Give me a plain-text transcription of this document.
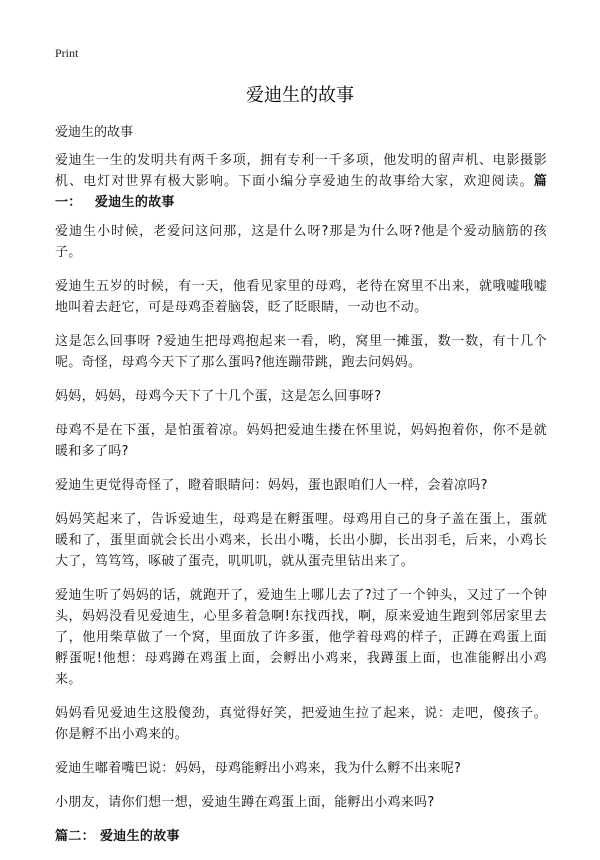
Print
爱迪生的故事

爱迪生的故事

爱迪生一生的发明共有两千多项，拥有专利一千多项，他发明的留声机、电影摄影机、电灯对世界有极大影响。下面小编分享爱迪生的故事给大家，欢迎阅读。篇一： 爱迪生的故事

爱迪生小时候，老爱问这问那，这是什么呀?那是为什么呀?他是个爱动脑筋的孩子。

爱迪生五岁的时候，有一天，他看见家里的母鸡，老待在窝里不出来，就哦嘘哦嘘地叫着去赶它，可是母鸡歪着脑袋，眨了眨眼睛，一动也不动。

这是怎么回事呀 ?爱迪生把母鸡抱起来一看，哟，窝里一摊蛋，数一数，有十几个呢。奇怪，母鸡今天下了那么蛋吗?他连蹦带跳，跑去问妈妈。

妈妈，妈妈，母鸡今天下了十几个蛋，这是怎么回事呀?

母鸡不是在下蛋，是怕蛋着凉。妈妈把爱迪生搂在怀里说，妈妈抱着你，你不是就暖和多了吗?

爱迪生更觉得奇怪了，瞪着眼睛问：妈妈，蛋也跟咱们人一样，会着凉吗?

妈妈笑起来了，告诉爱迪生，母鸡是在孵蛋哩。母鸡用自己的身子盖在蛋上，蛋就暖和了，蛋里面就会长出小鸡来，长出小嘴，长出小脚，长出羽毛，后来，小鸡长大了，笃笃笃，啄破了蛋壳，叽叽叽，就从蛋壳里钻出来了。

爱迪生听了妈妈的话，就跑开了，爱迪生上哪儿去了?过了一个钟头，又过了一个钟头，妈妈没看见爱迪生，心里多着急啊!东找西找，啊，原来爱迪生跑到邻居家里去了，他用柴草做了一个窝，里面放了许多蛋，他学着母鸡的样子，正蹲在鸡蛋上面孵蛋呢!他想：母鸡蹲在鸡蛋上面，会孵出小鸡来，我蹲蛋上面，也准能孵出小鸡来。

妈妈看见爱迪生这股傻劲，真觉得好笑，把爱迪生拉了起来，说：走吧，傻孩子。你是孵不出小鸡来的。

爱迪生嘟着嘴巴说：妈妈，母鸡能孵出小鸡来，我为什么孵不出来呢?

小朋友，请你们想一想，爱迪生蹲在鸡蛋上面，能孵出小鸡来吗?

篇二： 爱迪生的故事
